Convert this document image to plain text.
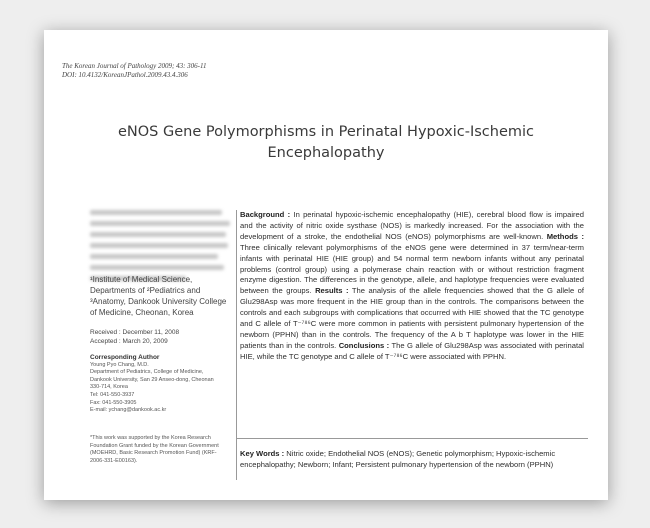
The Korean Journal of Pathology 2009; 43: 306-11
DOI: 10.4132/KoreanJPathol.2009.43.4.306
eNOS Gene Polymorphisms in Perinatal Hypoxic-Ischemic
Encephalopathy
¹Institute of Medical Science,
Departments of ²Pediatrics and
³Anatomy, Dankook University College
of Medicine, Cheonan, Korea
Received : December 11, 2008
Accepted : March 20, 2009
Corresponding Author
Young Pyo Chang, M.D.
Department of Pediatrics, College of Medicine,
Dankook University, San 29 Anseo-dong, Cheonan
330-714, Korea
Tel: 041-550-3937
Fax: 041-550-3905
E-mail: ychang@dankook.ac.kr
*This work was supported by the Korea Research
Foundation Grant funded by the Korean Government
(MOEHRD, Basic Research Promotion Fund) (KRF-
2006-331-E00163).
Background : In perinatal hypoxic-ischemic encephalopathy (HIE), cerebral blood flow is impaired and the activity of nitric oxide systhase (NOS) is markedly increased. For the association with the development of a stroke, the endothelial NOS (eNOS) polymorphisms are well-known. Methods : Three clinically relevant polymorphisms of the eNOS gene were determined in 37 term/near-term infants with perinatal HIE (HIE group) and 54 normal term newborn infants without any perinatal problems (control group) using a polymerase chain reaction with or without restriction fragment enzyme digestion. The differences in the genotype, allele, and haplotype frequencies were evaluated between the groups. Results : The analysis of the allele frequencies showed that the G allele of Glu298Asp was more frequent in the HIE group than in the controls. The comparisons between the controls and each subgroups with complications that occurred with HIE showed that the TC genotype and C allele of T⁻⁷⁸⁶C were more common in patients with persistent pulmonary hypertension of the newborn (PPHN) than in the controls. The frequency of the A b T haplotype was lower in the HIE patients than in the controls. Conclusions : The G allele of Glu298Asp was associated with perinatal HIE, while the TC genotype and C allele of T⁻⁷⁸⁶C were associated with PPHN.
Key Words : Nitric oxide; Endothelial NOS (eNOS); Genetic polymorphism; Hypoxic-ischemic encephalopathy; Newborn; Infant; Persistent pulmonary hypertension of the newborn (PPHN)
